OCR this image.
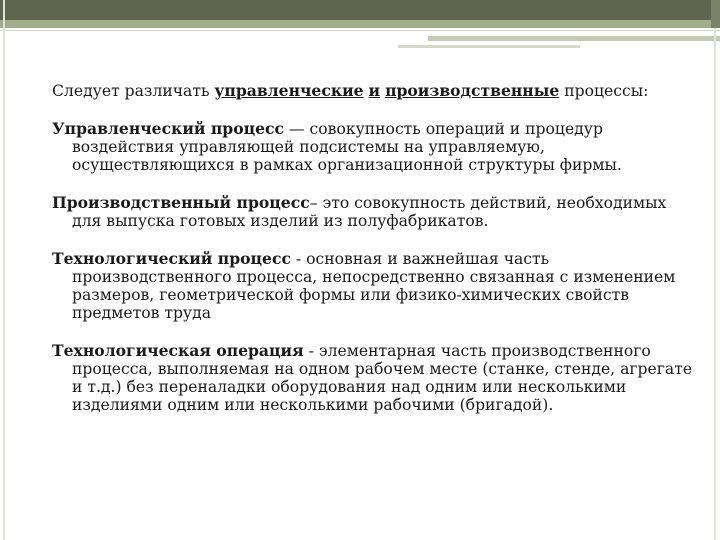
Следует различать управленческие и производственные процессы:

Управленческий процесс — совокупность операций и процедур воздействия управляющей подсистемы на управляемую, осуществляющихся в рамках организационной структуры фирмы.

Производственный процесс– это совокупность действий, необходимых для выпуска готовых изделий из полуфабрикатов.

Технологический процесс - основная и важнейшая часть производственного процесса, непосредственно связанная с изменением размеров, геометрической формы или физико-химических свойств предметов труда

Технологическая операция - элементарная часть производственного процесса, выполняемая на одном рабочем месте (станке, стенде, агрегате и т.д.) без переналадки оборудования над одним или несколькими изделиями одним или несколькими рабочими (бригадой).
